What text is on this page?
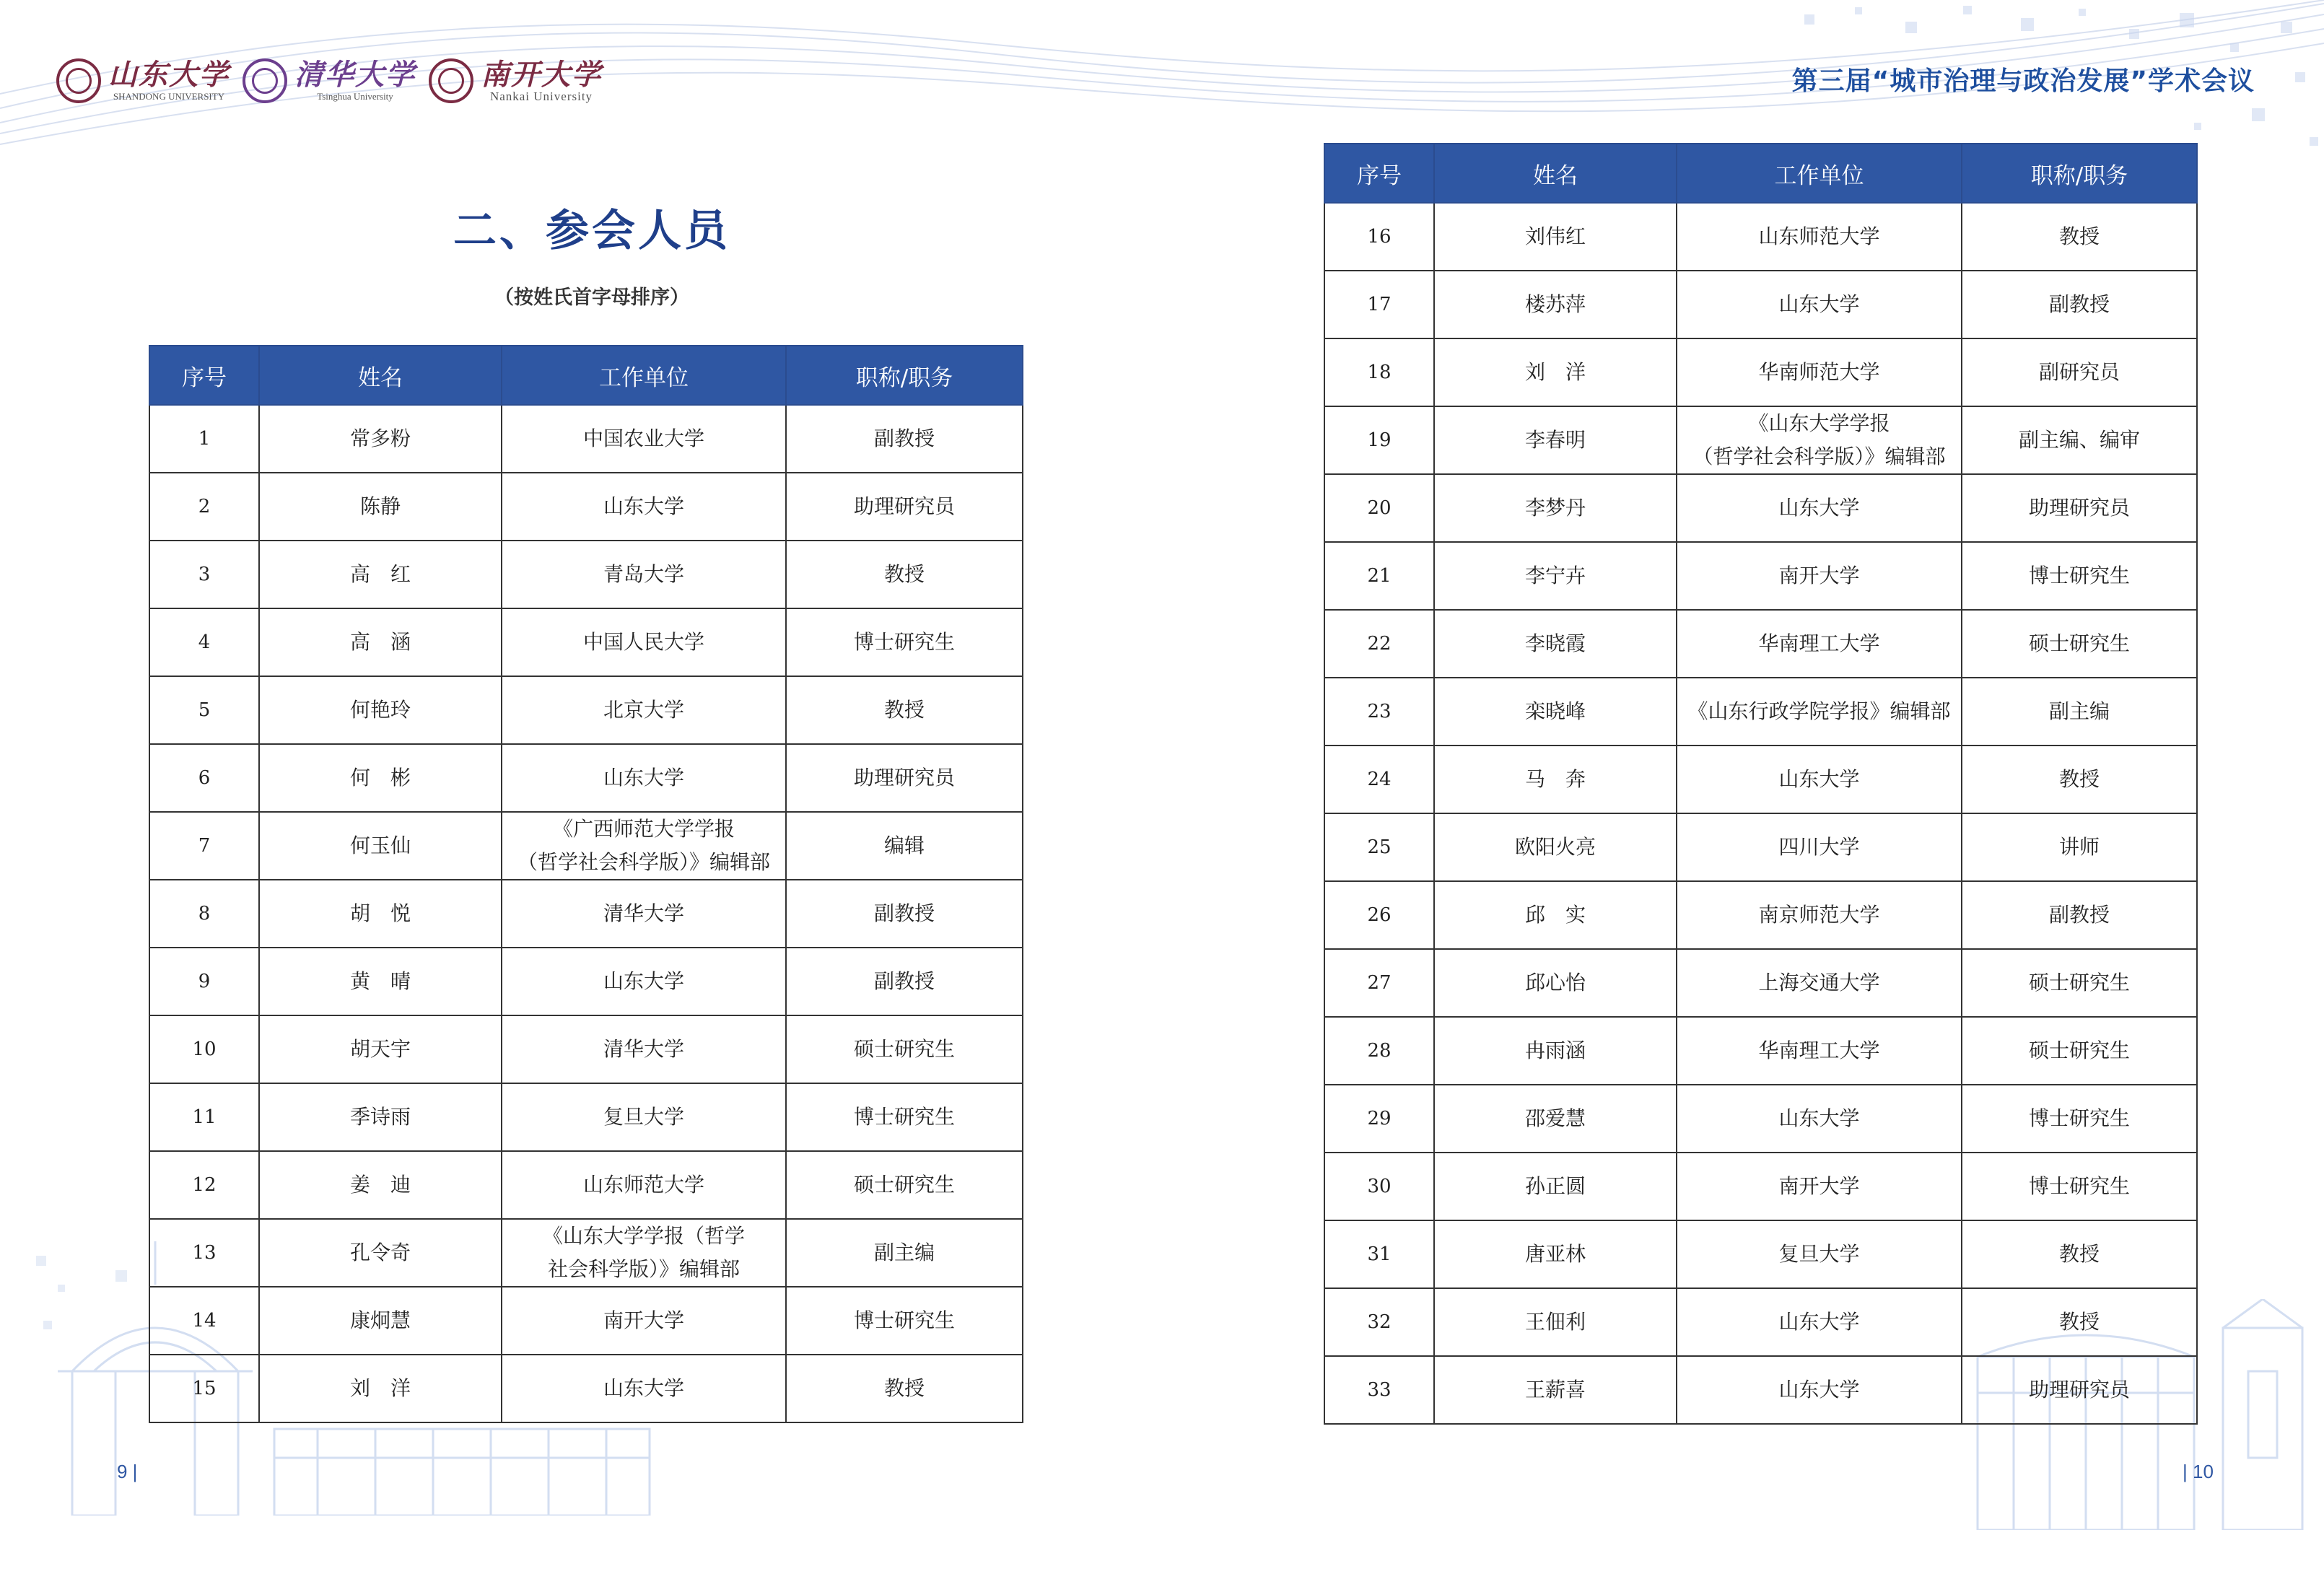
山东大学
SHANDONG UNIVERSITY
清华大学
Tsinghua University
南开大学
Nankai University
二、参会人员
（按姓氏首字母排序）
9 |
序号	姓名	工作单位	职称/职务
1	常多粉	中国农业大学	副教授
2	陈静	山东大学	助理研究员
3	高　红	青岛大学	教授
4	高　涵	中国人民大学	博士研究生
5	何艳玲	北京大学	教授
6	何　彬	山东大学	助理研究员
7	何玉仙	《广西师范大学学报
（哲学社会科学版）》编辑部	编辑
8	胡　悦	清华大学	副教授
9	黄　晴	山东大学	副教授
10	胡天宇	清华大学	硕士研究生
11	季诗雨	复旦大学	博士研究生
12	姜　迪	山东师范大学	硕士研究生
13	孔令奇	《山东大学学报（哲学
社会科学版）》编辑部	副主编
14	康炯慧	南开大学	博士研究生
15	刘　洋	山东大学	教授
第三届“城市治理与政治发展”学术会议
| 10
序号	姓名	工作单位	职称/职务
16	刘伟红	山东师范大学	教授
17	楼苏萍	山东大学	副教授
18	刘　洋	华南师范大学	副研究员
19	李春明	《山东大学学报
（哲学社会科学版）》编辑部	副主编、编审
20	李梦丹	山东大学	助理研究员
21	李宁卉	南开大学	博士研究生
22	李晓霞	华南理工大学	硕士研究生
23	栾晓峰	《山东行政学院学报》编辑部	副主编
24	马　奔	山东大学	教授
25	欧阳火亮	四川大学	讲师
26	邱　实	南京师范大学	副教授
27	邱心怡	上海交通大学	硕士研究生
28	冉雨涵	华南理工大学	硕士研究生
29	邵爱慧	山东大学	博士研究生
30	孙正圆	南开大学	博士研究生
31	唐亚林	复旦大学	教授
32	王佃利	山东大学	教授
33	王薪喜	山东大学	助理研究员
